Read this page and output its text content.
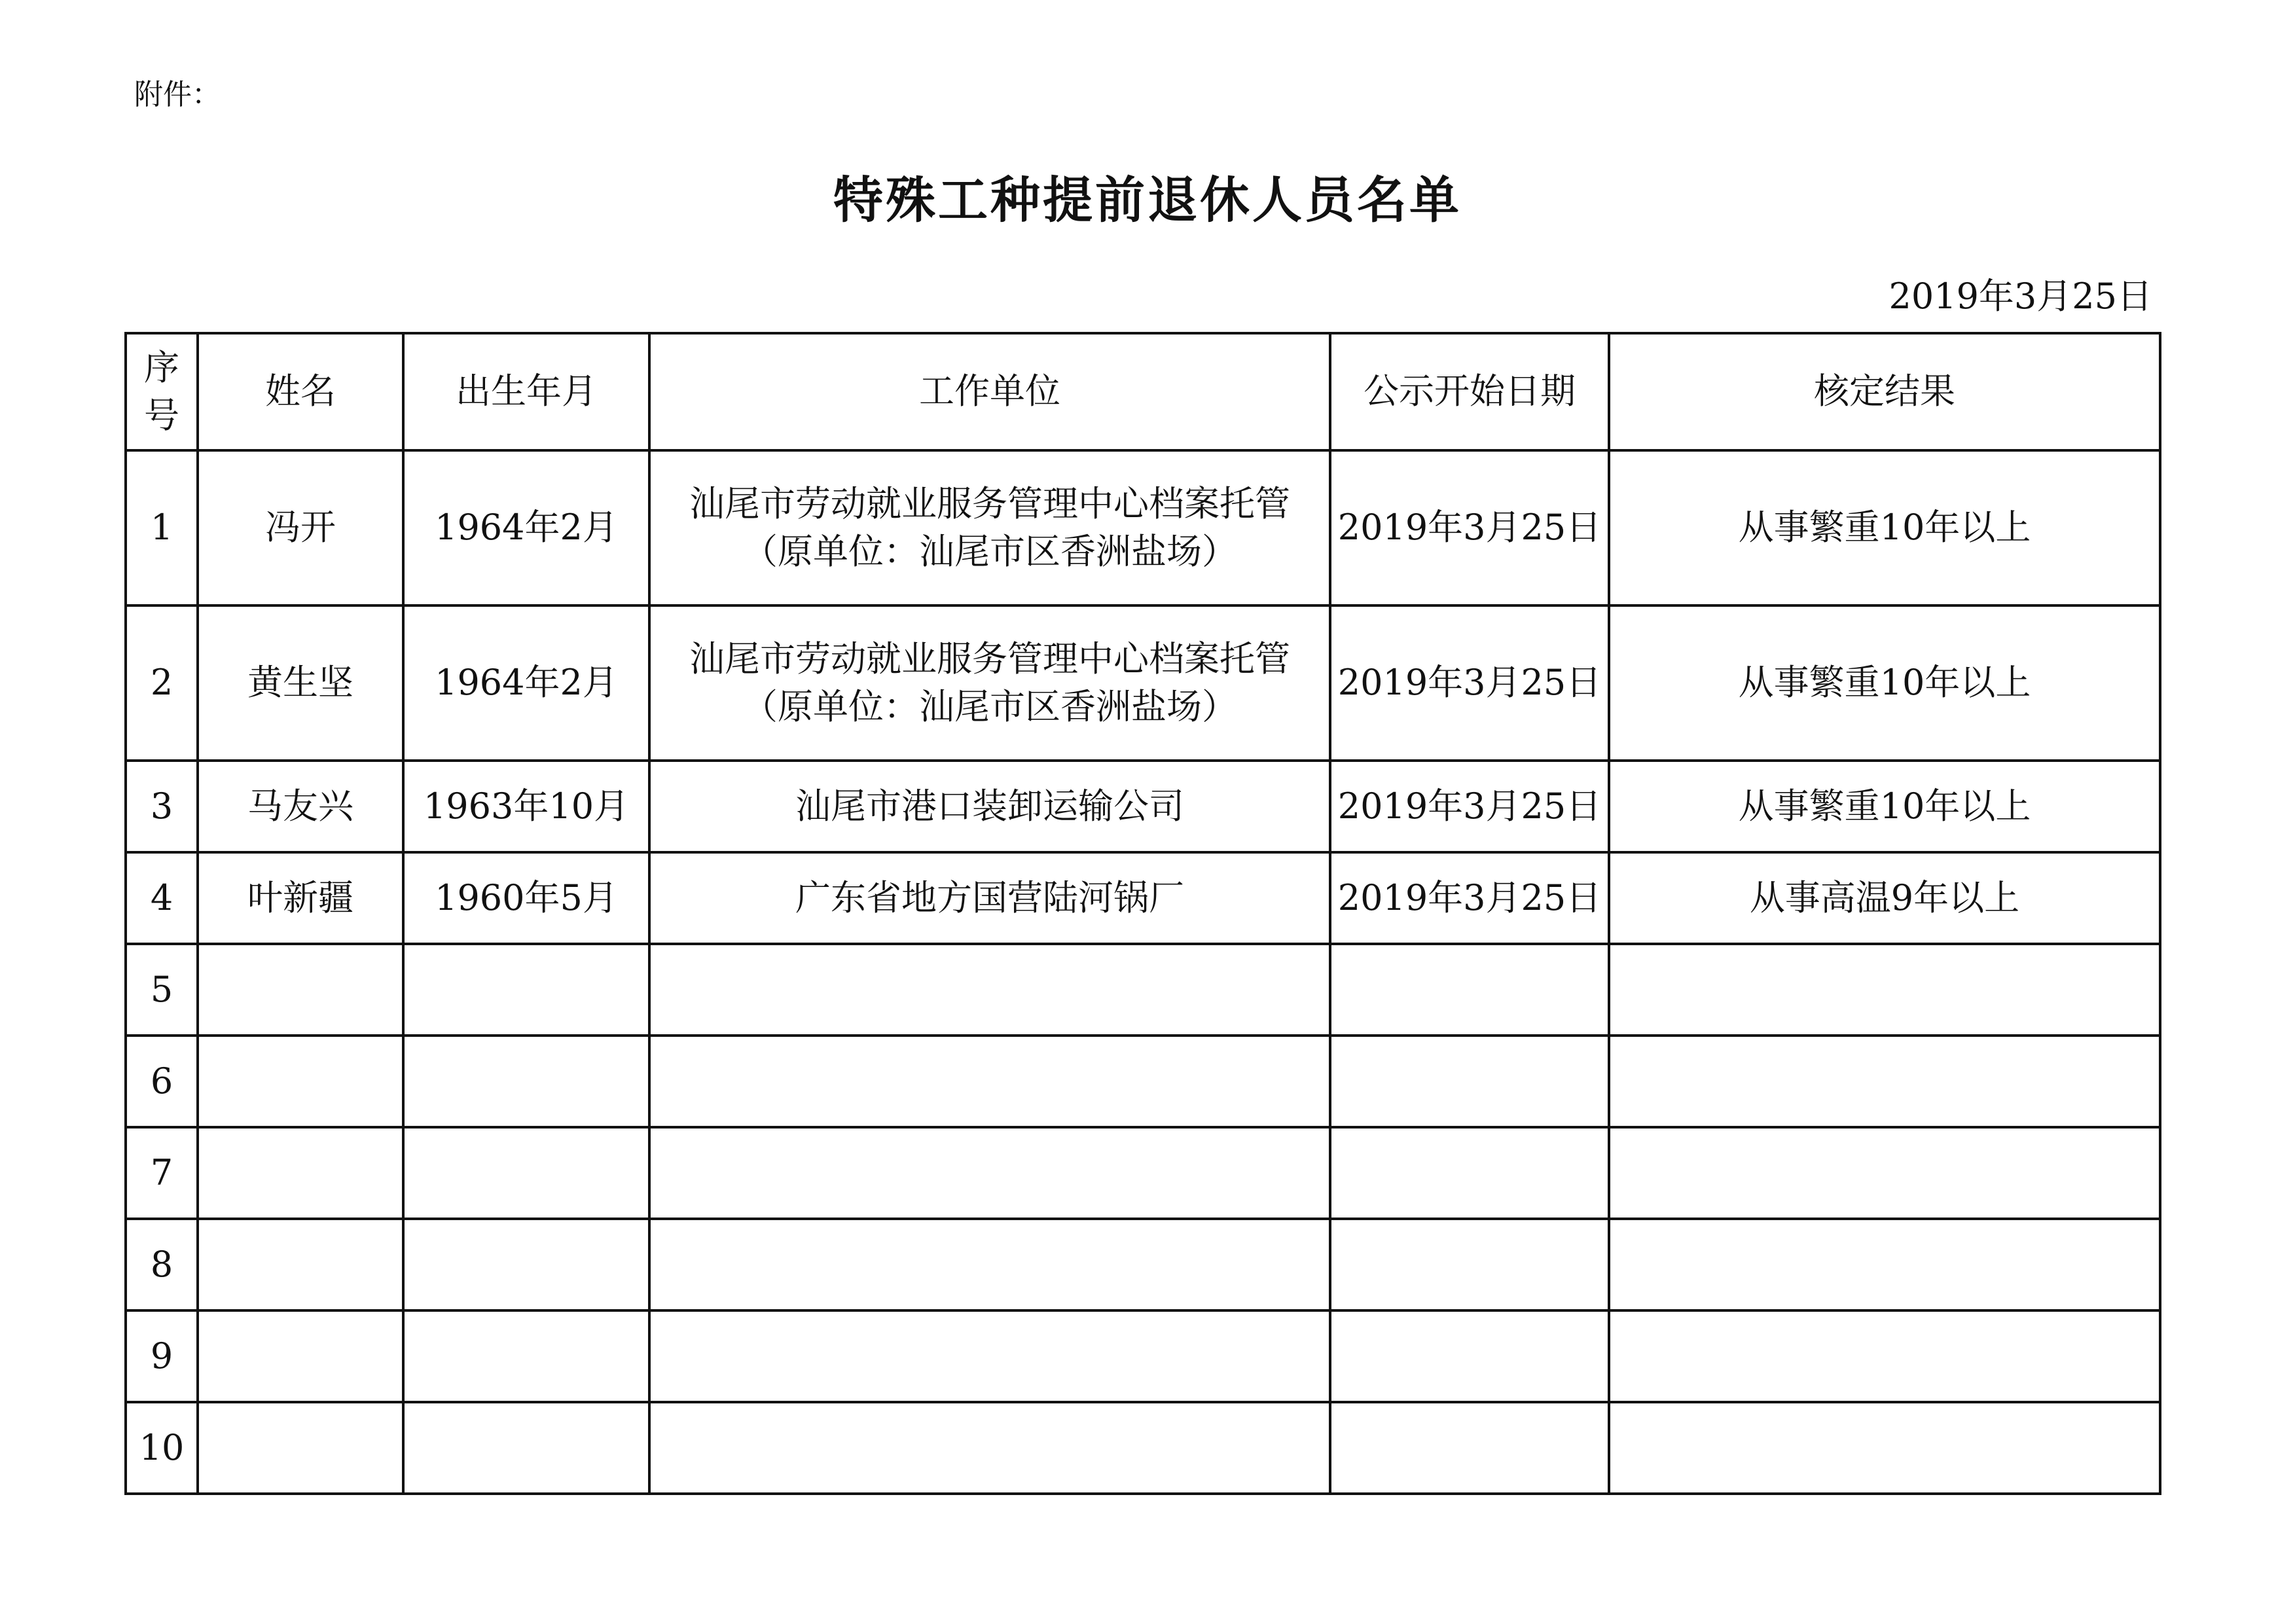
附件：
特殊工种提前退休人员名单
2019年3月25日
序
号	姓名	出生年月	工作单位	公示开始日期	核定结果
1	冯开	1964年2月	汕尾市劳动就业服务管理中心档案托管
（原单位：汕尾市区香洲盐场）	2019年3月25日	从事繁重10年以上
2	黄生坚	1964年2月	汕尾市劳动就业服务管理中心档案托管
（原单位：汕尾市区香洲盐场）	2019年3月25日	从事繁重10年以上
3	马友兴	1963年10月	汕尾市港口装卸运输公司	2019年3月25日	从事繁重10年以上
4	叶新疆	1960年5月	广东省地方国营陆河锅厂	2019年3月25日	从事高温9年以上
5			

6			

7			

8			

9			

10			
